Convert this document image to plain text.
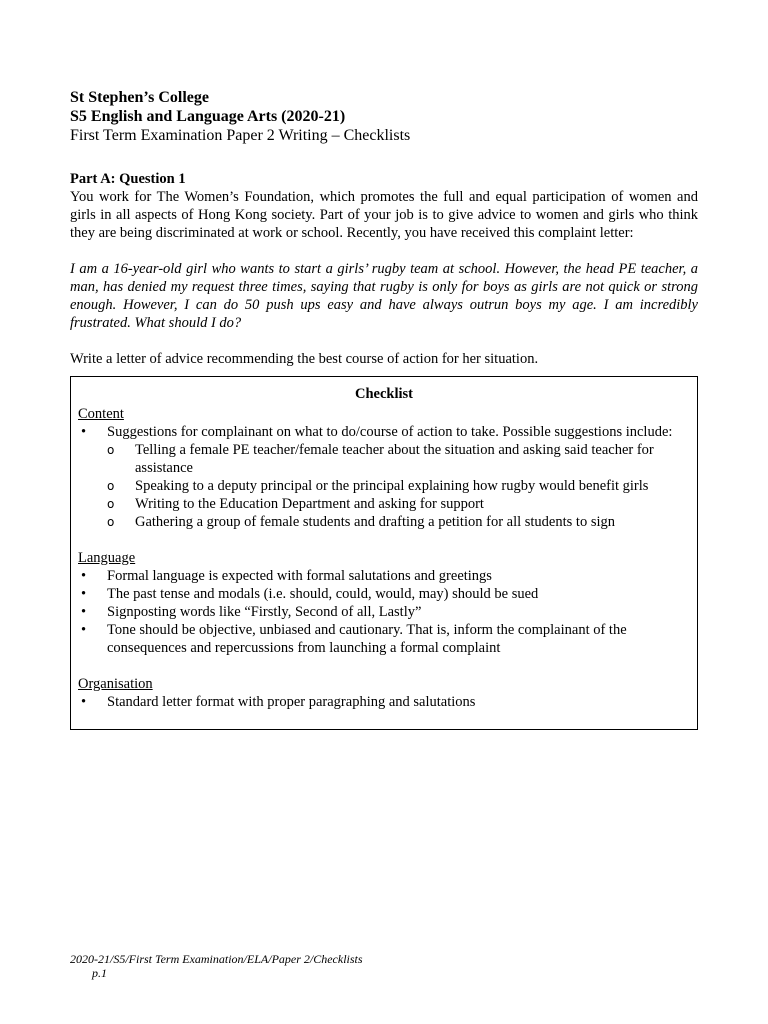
St Stephen’s College
S5 English and Language Arts (2020-21)
First Term Examination Paper 2 Writing – Checklists
Part A: Question 1
You work for The Women’s Foundation, which promotes the full and equal participation of women and girls in all aspects of Hong Kong society. Part of your job is to give advice to women and girls who think they are being discriminated at work or school. Recently, you have received this complaint letter:
I am a 16-year-old girl who wants to start a girls’ rugby team at school. However, the head PE teacher, a man, has denied my request three times, saying that rugby is only for boys as girls are not quick or strong enough. However, I can do 50 push ups easy and have always outrun boys my age. I am incredibly frustrated. What should I do?
Write a letter of advice recommending the best course of action for her situation.
Checklist
Content
• Suggestions for complainant on what to do/course of action to take. Possible suggestions include:
o Telling a female PE teacher/female teacher about the situation and asking said teacher for assistance
o Speaking to a deputy principal or the principal explaining how rugby would benefit girls
o Writing to the Education Department and asking for support
o Gathering a group of female students and drafting a petition for all students to sign
Language
• Formal language is expected with formal salutations and greetings
• The past tense and modals (i.e. should, could, would, may) should be sued
• Signposting words like “Firstly, Second of all, Lastly”
• Tone should be objective, unbiased and cautionary. That is, inform the complainant of the consequences and repercussions from launching a formal complaint
Organisation
• Standard letter format with proper paragraphing and salutations
2020-21/S5/First Term Examination/ELA/Paper 2/Checklists
p.1
